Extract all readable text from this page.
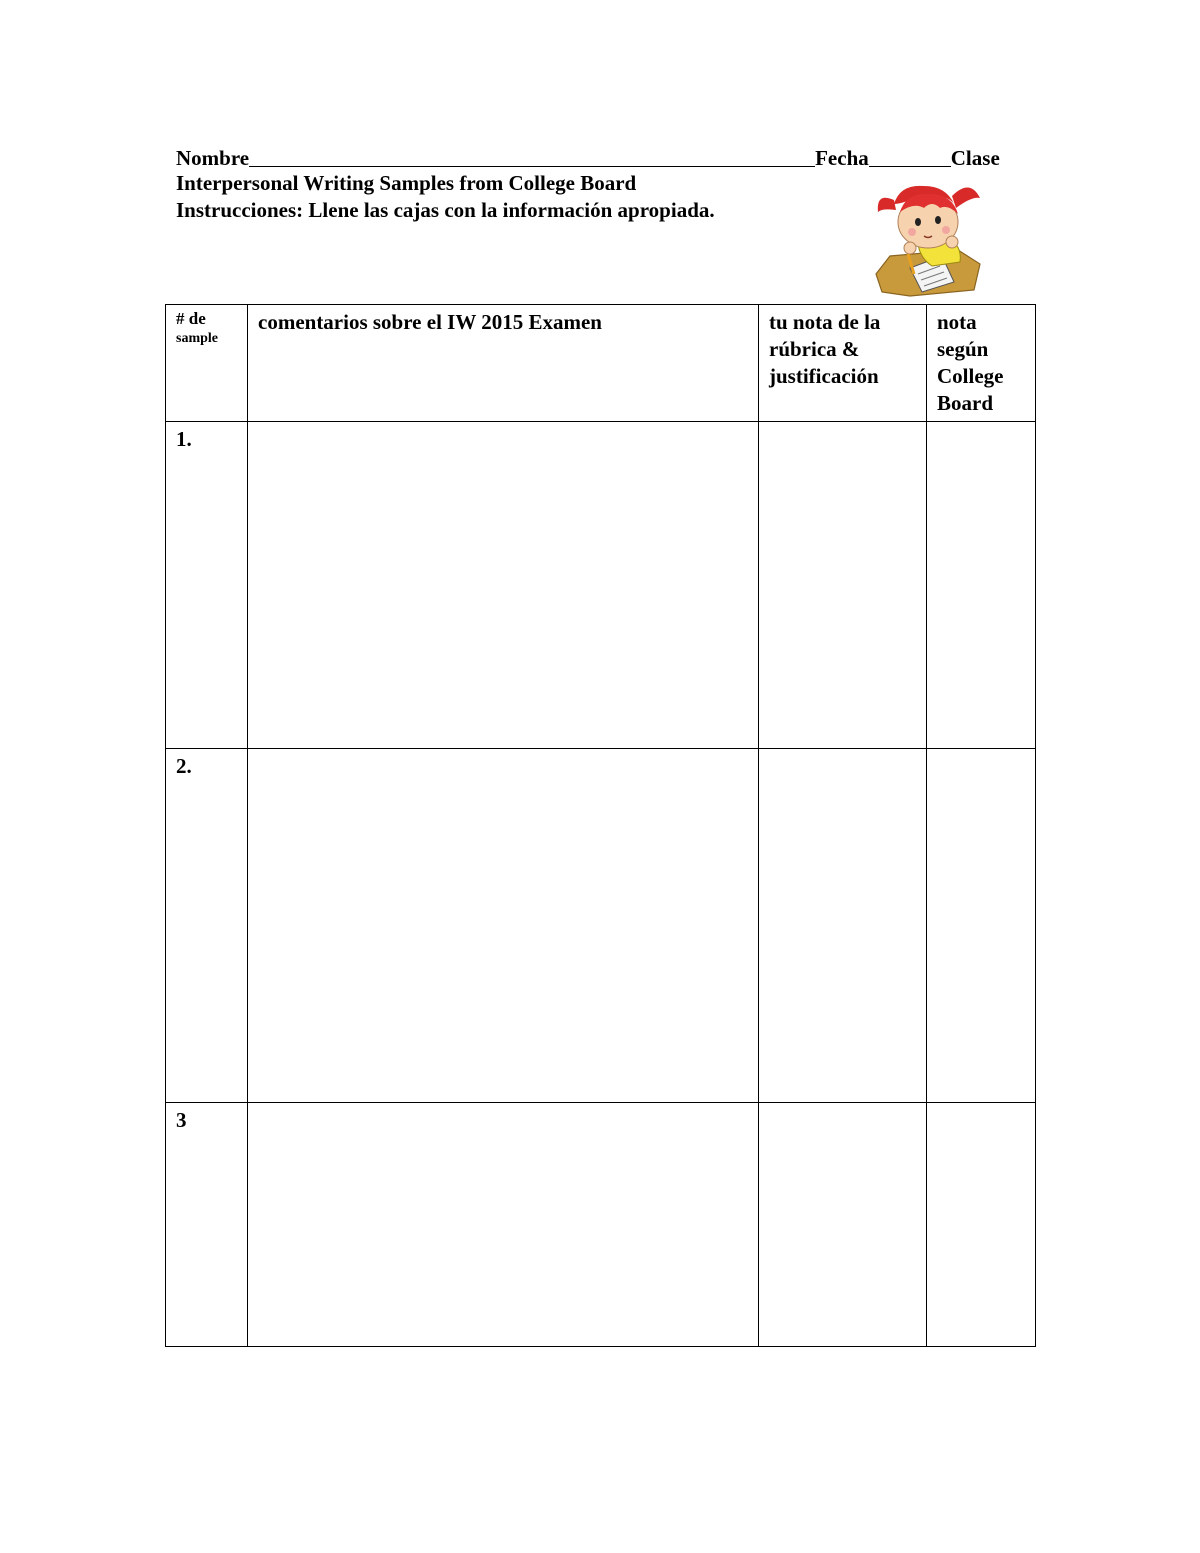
Nombre	Fecha	Clase
Interpersonal Writing Samples from College Board
Instrucciones: Llene las cajas con la información apropiada.
# de
sample	comentarios sobre el IW 2015 Examen	tu nota de la rúbrica & justificación	nota según College Board
1.			
2.			
3			
